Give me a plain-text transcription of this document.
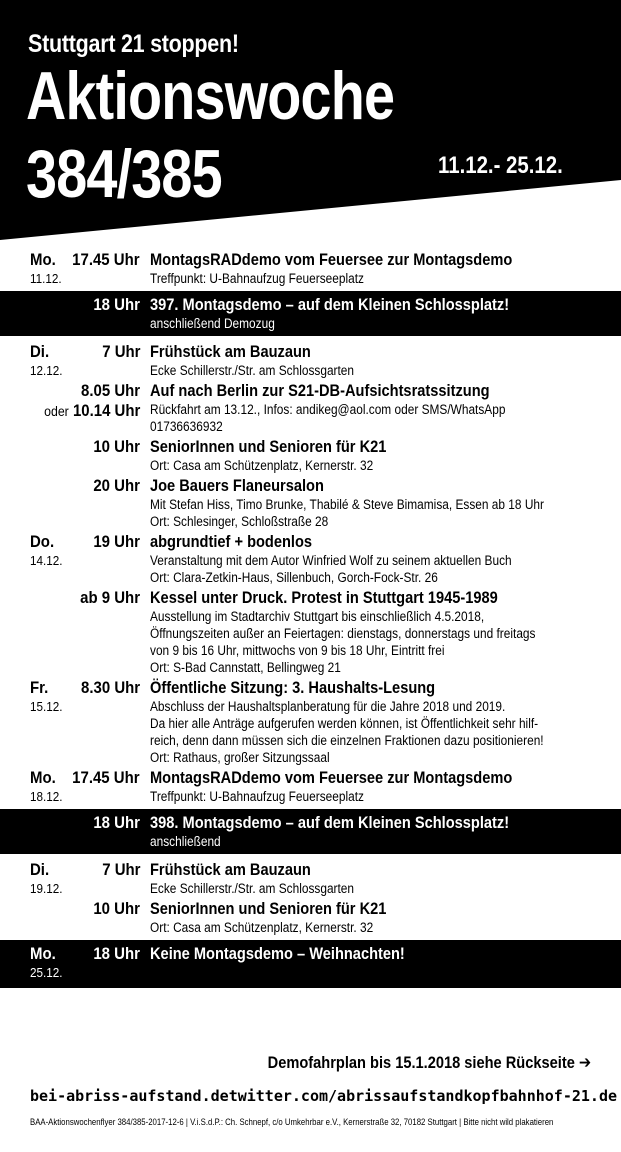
Stuttgart 21 stoppen!
Aktionswoche
384/385	11.12.- 25.12.
Mo. 17.45 Uhr
11.12.
MontagsRADdemo vom Feuersee zur Montagsdemo
Treffpunkt: U-Bahnaufzug Feuerseeplatz
18 Uhr 397. Montagsdemo – auf dem Kleinen Schlossplatz!
anschließend Demozug
Di.	7 Uhr
12.12.
Frühstück am Bauzaun
Ecke Schillerstr./Str. am Schlossgarten
8.05 Uhr
oder 10.14 Uhr
Auf nach Berlin zur S21-DB-Aufsichtsratssitzung
Rückfahrt am 13.12., Infos: andikeg@aol.com oder SMS/WhatsApp
01736636932
10 Uhr SeniorInnen und Senioren für K21
Ort: Casa am Schützenplatz, Kernerstr. 32
20 Uhr Joe Bauers Flaneursalon
Mit Stefan Hiss, Timo Brunke, Thabilé & Steve Bimamisa, Essen ab 18 Uhr
Ort: Schlesinger, Schloßstraße 28
Do. 19 Uhr
14.12.
abgrundtief + bodenlos
Veranstaltung mit dem Autor Winfried Wolf zu seinem aktuellen Buch
Ort: Clara-Zetkin-Haus, Sillenbuch, Gorch-Fock-Str. 26
ab 9 Uhr Kessel unter Druck. Protest in Stuttgart 1945-1989
Ausstellung im Stadtarchiv Stuttgart bis einschließlich 4.5.2018,
Öffnungszeiten außer an Feiertagen: dienstags, donnerstags und freitags
von 9 bis 16 Uhr, mittwochs von 9 bis 18 Uhr, Eintritt frei
Ort: S-Bad Cannstatt, Bellingweg 21
Fr. 8.30 Uhr
15.12.
Öffentliche Sitzung: 3. Haushalts-Lesung
Abschluss der Haushaltsplanberatung für die Jahre 2018 und 2019.
Da hier alle Anträge aufgerufen werden können, ist Öffentlichkeit sehr hilf-
reich, denn dann müssen sich die einzelnen Fraktionen dazu positionieren!
Ort: Rathaus, großer Sitzungssaal
Mo. 17.45 Uhr
18.12.
MontagsRADdemo vom Feuersee zur Montagsdemo
Treffpunkt: U-Bahnaufzug Feuerseeplatz
18 Uhr 398. Montagsdemo – auf dem Kleinen Schlossplatz!
anschließend
Di.	7 Uhr
19.12.
Frühstück am Bauzaun
Ecke Schillerstr./Str. am Schlossgarten
10 Uhr SeniorInnen und Senioren für K21
Ort: Casa am Schützenplatz, Kernerstr. 32
Mo. 18 Uhr
25.12.
Keine Montagsdemo – Weihnachten!
Demofahrplan bis 15.1.2018 siehe Rückseite ➔
bei-abriss-aufstand.de twitter.com/abrissaufstand kopfbahnhof-21.de
BAA-Aktionswochenflyer 384/385-2017-12-6 | V.i.S.d.P.: Ch. Schnepf, c/o Umkehrbar e.V., Kernerstraße 32, 70182 Stuttgart | Bitte nicht wild plakatieren
